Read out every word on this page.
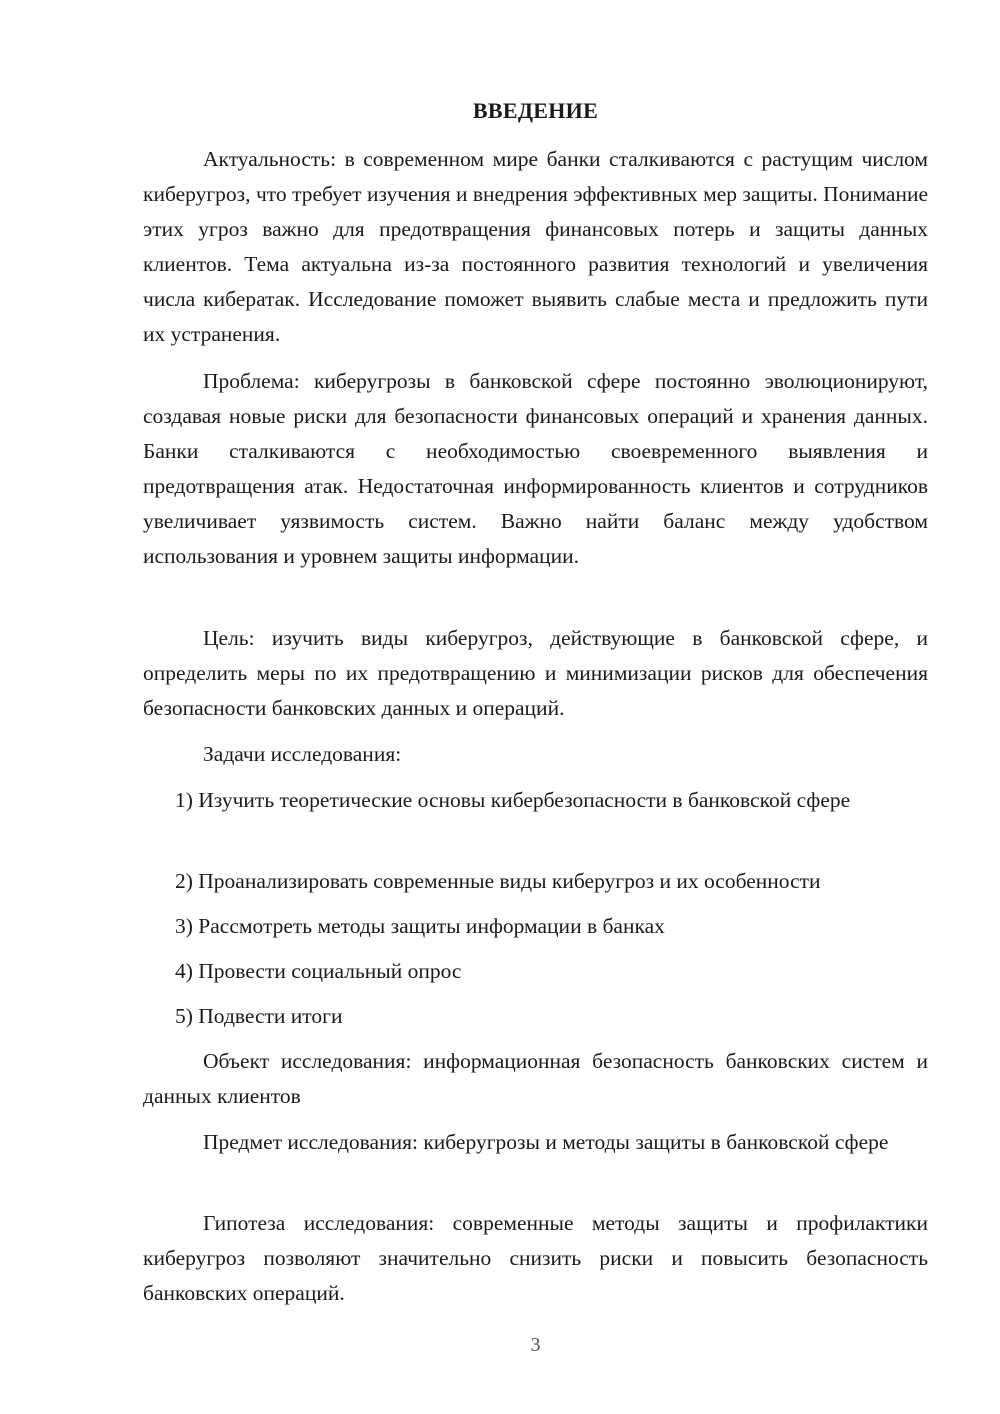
ВВЕДЕНИЕ

Актуальность: в современном мире банки сталкиваются с растущим числом киберугроз, что требует изучения и внедрения эффективных мер защиты. Понимание этих угроз важно для предотвращения финансовых потерь и защиты данных клиентов. Тема актуальна из-за постоянного развития технологий и увеличения числа кибератак. Исследование поможет выявить слабые места и предложить пути их устранения.

Проблема: киберугрозы в банковской сфере постоянно эволюционируют, создавая новые риски для безопасности финансовых операций и хранения данных. Банки сталкиваются с необходимостью своевременного выявления и предотвращения атак. Недостаточная информированность клиентов и сотрудников увеличивает уязвимость систем. Важно найти баланс между удобством использования и уровнем защиты информации.

Цель: изучить виды киберугроз, действующие в банковской сфере, и определить меры по их предотвращению и минимизации рисков для обеспечения безопасности банковских данных и операций.

Задачи исследования:

1) Изучить теоретические основы кибербезопасности в банковской сфере

2) Проанализировать современные виды киберугроз и их особенности

3) Рассмотреть методы защиты информации в банках

4) Провести социальный опрос

5) Подвести итоги

Объект исследования: информационная безопасность банковских систем и данных клиентов

Предмет исследования: киберугрозы и методы защиты в банковской сфере

Гипотеза исследования: современные методы защиты и профилактики киберугроз позволяют значительно снизить риски и повысить безопасность банковских операций.

3
